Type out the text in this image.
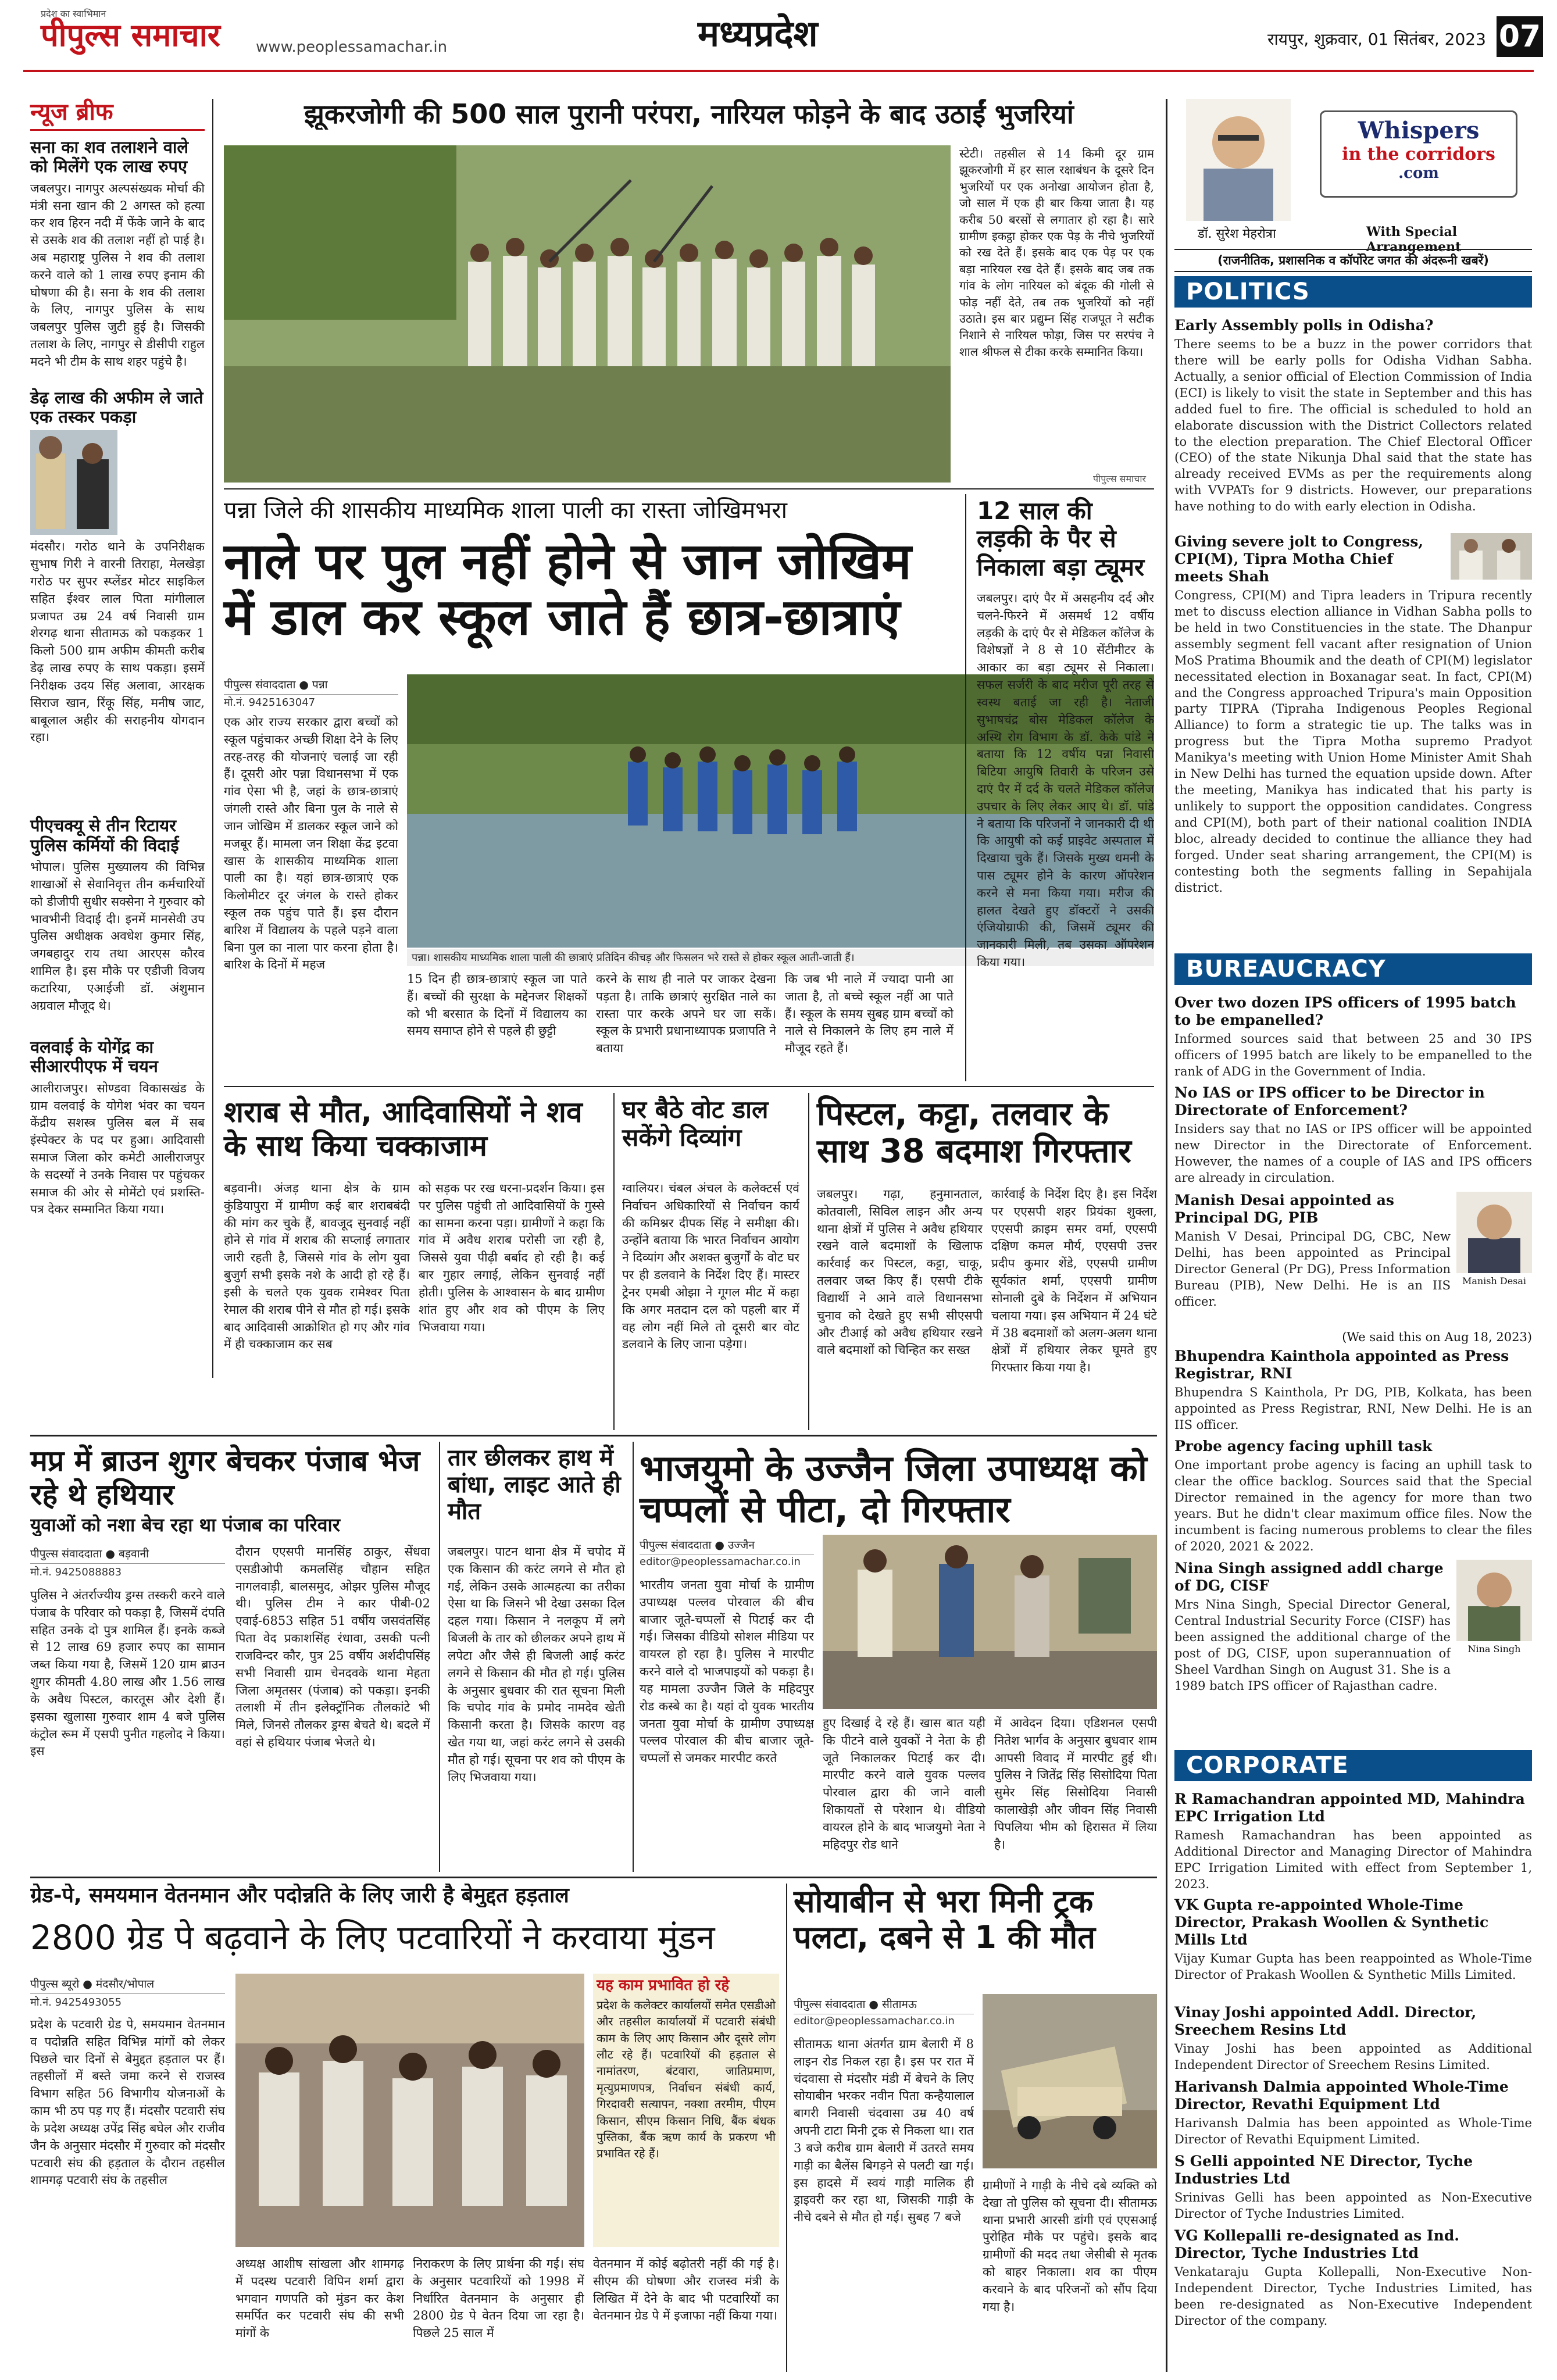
प्रदेश का स्वाभिमान
पीपुल्स समाचार www.peoplessamachar.in	मध्यप्रदेश	रायपुर, शुक्रवार, 01 सितंबर, 2023 07
न्यूज ब्रीफ
सना का शव तलाशने वाले को मिलेंगे एक लाख रुपए
जबलपुर। नागपुर अल्पसंख्यक मोर्चा की मंत्री सना खान की 2 अगस्त को हत्या कर शव हिरन नदी में फेंके जाने के बाद से उसके शव की तलाश नहीं हो पाई है। अब महाराष्ट्र पुलिस ने शव की तलाश करने वाले को 1 लाख रुपए इनाम की घोषणा की है। सना के शव की तलाश के लिए, नागपुर पुलिस के साथ जबलपुर पुलिस जुटी हुई है। जिसकी तलाश के लिए, नागपुर से डीसीपी राहुल मदने भी टीम के साथ शहर पहुंचे है।
डेढ़ लाख की अफीम ले जाते एक तस्कर पकड़ा
मंदसौर। गरोठ थाने के उपनिरीक्षक सुभाष गिरी ने वारनी तिराहा, मेलखेड़ा गरोठ पर सुपर स्प्लेंडर मोटर साइकिल सहित ईश्वर लाल पिता मांगीलाल प्रजापत उम्र 24 वर्ष निवासी ग्राम शेरगढ़ थाना सीतामऊ को पकड़कर 1 किलो 500 ग्राम अफीम कीमती करीब डेढ़ लाख रुपए के साथ पकड़ा। इसमें निरीक्षक उदय सिंह अलावा, आरक्षक सिराज खान, रिंकू सिंह, मनीष जाट, बाबूलाल अहीर की सराहनीय योगदान रहा।
पीएचक्यू से तीन रिटायर पुलिस कर्मियों की विदाई
भोपाल। पुलिस मुख्यालय की विभिन्न शाखाओं से सेवानिवृत्त तीन कर्मचारियों को डीजीपी सुधीर सक्सेना ने गुरुवार को भावभीनी विदाई दी। इनमें मानसेवी उप पुलिस अधीक्षक अवधेश कुमार सिंह, जगबहादुर राय तथा आरएस कौरव शामिल है। इस मौके पर एडीजी विजय कटारिया, एआईजी डॉ. अंशुमान अग्रवाल मौजूद थे।
वलवाई के योगेंद्र का सीआरपीएफ में चयन
आलीराजपुर। सोण्डवा विकासखंड के ग्राम वलवाई के योगेश भंवर का चयन केंद्रीय सशस्त्र पुलिस बल में सब इंस्पेक्टर के पद पर हुआ। आदिवासी समाज जिला कोर कमेटी आलीराजपुर के सदस्यों ने उनके निवास पर पहुंचकर समाज की ओर से मोमेंटो एवं प्रशस्ति-पत्र देकर सम्मानित किया गया।
झूकरजोगी की 500 साल पुरानी परंपरा, नारियल फोड़ने के बाद उठाईं भुजरियां
स्टेटी। तहसील से 14 किमी दूर ग्राम झूकरजोगी में हर साल रक्षाबंधन के दूसरे दिन भुजरियों पर एक अनोखा आयोजन होता है, जो साल में एक ही बार किया जाता है। यह करीब 50 बरसों से लगातार हो रहा है। सारे ग्रामीण इकट्ठा होकर एक पेड़ के नीचे भुजरियों को रख देते हैं। इसके बाद एक पेड़ पर एक बड़ा नारियल रख देते हैं। इसके बाद जब तक गांव के लोग नारियल को बंदूक की गोली से फोड़ नहीं देते, तब तक भुजरियों को नहीं उठाते। इस बार प्रद्युम्न सिंह राजपूत ने सटीक निशाने से नारियल फोड़ा, जिस पर सरपंच ने शाल श्रीफल से टीका करके सम्मानित किया।
पीपुल्स समाचार
पन्ना जिले की शासकीय माध्यमिक शाला पाली का रास्ता जोखिमभरा
नाले पर पुल नहीं होने से जान जोखिम में डाल कर स्कूल जाते हैं छात्र-छात्राएं
पीपुल्स संवाददाता ● पन्ना
मो.नं. 9425163047
एक ओर राज्य सरकार द्वारा बच्चों को स्कूल पहुंचाकर अच्छी शिक्षा देने के लिए तरह-तरह की योजनाएं चलाई जा रही हैं। दूसरी ओर पन्ना विधानसभा में एक गांव ऐसा भी है, जहां के छात्र-छात्राएं जंगली रास्ते और बिना पुल के नाले से जान जोखिम में डालकर स्कूल जाने को मजबूर हैं। मामला जन शिक्षा केंद्र इटवा खास के शासकीय माध्यमिक शाला पाली का है। यहां छात्र-छात्राएं एक किलोमीटर दूर जंगल के रास्ते होकर स्कूल तक पहुंच पाते हैं। इस दौरान बारिश में विद्यालय के पहले पड़ने वाला बिना पुल का नाला पार करना होता है। बारिश के दिनों में महज	पन्ना। शासकीय माध्यमिक शाला पाली की छात्राएं प्रतिदिन कीचड़ और फिसलन भरे रास्ते से होकर स्कूल आती-जाती हैं।
15 दिन ही छात्र-छात्राएं स्कूल जा पाते हैं। बच्चों की सुरक्षा के मद्देनजर शिक्षकों को भी बरसात के दिनों में विद्यालय का समय समाप्त होने से पहले ही छुट्टी
करने के साथ ही नाले पर जाकर देखना पड़ता है। ताकि छात्राएं सुरक्षित नाले का रास्ता पार करके अपने घर जा सकें। स्कूल के प्रभारी प्रधानाध्यापक प्रजापति ने बताया
कि जब भी नाले में ज्यादा पानी आ जाता है, तो बच्चे स्कूल नहीं आ पाते हैं। स्कूल के समय सुबह ग्राम बच्चों को नाले से निकालने के लिए हम नाले में मौजूद रहते हैं।
12 साल की लड़की के पैर से निकाला बड़ा ट्यूमर
जबलपुर। दाएं पैर में असहनीय दर्द और चलने-फिरने में असमर्थ 12 वर्षीय लड़की के दाएं पैर से मेडिकल कॉलेज के विशेषज्ञों ने 8 से 10 सेंटीमीटर के आकार का बड़ा ट्यूमर से निकाला। सफल सर्जरी के बाद मरीज पूरी तरह से स्वस्थ बताई जा रही है। नेताजी सुभाषचंद्र बोस मेडिकल कॉलेज के अस्थि रोग विभाग के डॉ. केके पांडे ने बताया कि 12 वर्षीय पन्ना निवासी बिटिया आयुषि तिवारी के परिजन उसे दाएं पैर में दर्द के चलते मेडिकल कॉलेज उपचार के लिए लेकर आए थे। डॉ. पांडे ने बताया कि परिजनों ने जानकारी दी थी कि आयुषी को कई प्राइवेट अस्पताल में दिखाया चुके हैं। जिसके मुख्य धमनी के पास ट्यूमर होने के कारण ऑपरेशन करने से मना किया गया। मरीज की हालत देखते हुए डॉक्टरों ने उसकी एंजियोग्राफी की, जिसमें ट्यूमर की जानकारी मिली, तब उसका ऑपरेशन किया गया।
शराब से मौत, आदिवासियों ने शव के साथ किया चक्काजाम
बड़वानी। अंजड़ थाना क्षेत्र के ग्राम कुंडियापुरा में ग्रामीण कई बार शराबबंदी की मांग कर चुके हैं, बावजूद सुनवाई नहीं होने से गांव में शराब की सप्लाई लगातार जारी रहती है, जिससे गांव के लोग युवा बुजुर्ग सभी इसके नशे के आदी हो रहे हैं। इसी के चलते एक युवक रामेश्वर पिता रेमाल की शराब पीने से मौत हो गई। इसके बाद आदिवासी आक्रोशित हो गए और गांव में ही चक्काजाम कर सब
को सड़क पर रख धरना-प्रदर्शन किया। इस पर पुलिस पहुंची तो आदिवासियों के गुस्से का सामना करना पड़ा। ग्रामीणों ने कहा कि गांव में अवैध शराब परोसी जा रही है, जिससे युवा पीढ़ी बर्बाद हो रही है। कई बार गुहार लगाई, लेकिन सुनवाई नहीं होती। पुलिस के आश्वासन के बाद ग्रामीण शांत हुए और शव को पीएम के लिए भिजवाया गया।
घर बैठे वोट डाल सकेंगे दिव्यांग
ग्वालियर। चंबल अंचल के कलेक्टर्स एवं निर्वाचन अधिकारियों से निर्वाचन कार्य की कमिश्नर दीपक सिंह ने समीक्षा की। उन्होंने बताया कि भारत निर्वाचन आयोग ने दिव्यांग और अशक्त बुजुर्गों के वोट घर पर ही डलवाने के निर्देश दिए हैं। मास्टर ट्रेनर एमबी ओझा ने गूगल मीट में कहा कि अगर मतदान दल को पहली बार में वह लोग नहीं मिले तो दूसरी बार वोट डलवाने के लिए जाना पड़ेगा।
पिस्टल, कट्टा, तलवार के साथ 38 बदमाश गिरफ्तार
जबलपुर। गढ़ा, हनुमानताल, कोतवाली, सिविल लाइन और अन्य थाना क्षेत्रों में पुलिस ने अवैध हथियार रखने वाले बदमाशों के खिलाफ कार्रवाई कर पिस्टल, कट्टा, चाकू, तलवार जब्त किए हैं। एसपी टीके विद्यार्थी ने आने वाले विधानसभा चुनाव को देखते हुए सभी सीएसपी और टीआई को अवैध हथियार रखने वाले बदमाशों को चिन्हित कर सख्त
कार्रवाई के निर्देश दिए है। इस निर्देश पर एएसपी शहर प्रियंका शुक्ला, एएसपी क्राइम समर वर्मा, एएसपी दक्षिण कमल मौर्य, एएसपी उत्तर प्रदीप कुमार शेंडे, एएसपी ग्रामीण सूर्यकांत शर्मा, एएसपी ग्रामीण सोनाली दुबे के निर्देशन में अभियान चलाया गया। इस अभियान में 24 घंटे में 38 बदमाशों को अलग-अलग थाना क्षेत्रों में हथियार लेकर घूमते हुए गिरफ्तार किया गया है।
मप्र में ब्राउन शुगर बेचकर पंजाब भेज रहे थे हथियार
युवाओं को नशा बेच रहा था पंजाब का परिवार
पीपुल्स संवाददाता ● बड़वानी
मो.नं. 9425088883
पुलिस ने अंतर्राज्यीय ड्रग्स तस्करी करने वाले पंजाब के परिवार को पकड़ा है, जिसमें दंपति सहित उनके दो पुत्र शामिल हैं। इनके कब्जे से 12 लाख 69 हजार रुपए का सामान जब्त किया गया है, जिसमें 120 ग्राम ब्राउन शुगर कीमती 4.80 लाख और 1.56 लाख के अवैध पिस्टल, कारतूस और देशी हैं। इसका खुलासा गुरुवार शाम 4 बजे पुलिस कंट्रोल रूम में एसपी पुनीत गहलोद ने किया। इस
दौरान एएसपी मानसिंह ठाकुर, सेंधवा एसडीओपी कमलसिंह चौहान सहित नागलवाड़ी, बालसमुद, ओझर पुलिस मौजूद थी। पुलिस टीम ने कार पीबी-02 एवाई-6853 सहित 51 वर्षीय जसवंतसिंह पिता वेद प्रकाशसिंह रंधावा, उसकी पत्नी राजविन्दर कौर, पुत्र 25 वर्षीय अर्शदीपसिंह सभी निवासी ग्राम चेनदवके थाना मेहता जिला अमृतसर (पंजाब) को पकड़ा। इनकी तलाशी में तीन इलेक्ट्रॉनिक तौलकांटे भी मिले, जिनसे तौलकर ड्रग्स बेचते थे। बदले में वहां से हथियार पंजाब भेजते थे।
तार छीलकर हाथ में बांधा, लाइट आते ही मौत
जबलपुर। पाटन थाना क्षेत्र में चपोद में एक किसान की करंट लगने से मौत हो गई, लेकिन उसके आत्महत्या का तरीका ऐसा था कि जिसने भी देखा उसका दिल दहल गया। किसान ने नलकूप में लगे बिजली के तार को छीलकर अपने हाथ में लपेटा और जैसे ही बिजली आई करंट लगने से किसान की मौत हो गई। पुलिस के अनुसार बुधवार की रात सूचना मिली कि चपोद गांव के प्रमोद नामदेव खेती किसानी करता है। जिसके कारण वह खेत गया था, जहां करंट लगने से उसकी मौत हो गई। सूचना पर शव को पीएम के लिए भिजवाया गया।
भाजयुमो के उज्जैन जिला उपाध्यक्ष को चप्पलों से पीटा, दो गिरफ्तार
पीपुल्स संवाददाता ● उज्जैन
editor@peoplessamachar.co.in
भारतीय जनता युवा मोर्चा के ग्रामीण उपाध्यक्ष पल्लव पोरवाल की बीच बाजार जूते-चप्पलों से पिटाई कर दी गई। जिसका वीडियो सोशल मीडिया पर वायरल हो रहा है। पुलिस ने मारपीट करने वाले दो भाजपाइयों को पकड़ा है। यह मामला उज्जैन जिले के महिदपुर रोड कस्बे का है। यहां दो युवक भारतीय जनता युवा मोर्चा के ग्रामीण उपाध्यक्ष पल्लव पोरवाल की बीच बाजार जूते-चप्पलों से जमकर मारपीट करते
हुए दिखाई दे रहे हैं। खास बात यही कि पीटने वाले युवकों ने नेता के ही जूते निकालकर पिटाई कर दी। मारपीट करने वाले युवक पल्लव पोरवाल द्वारा की जाने वाली शिकायतों से परेशान थे। वीडियो वायरल होने के बाद भाजयुमो नेता ने महिदपुर रोड थाने
में आवेदन दिया। एडिशनल एसपी नितेश भार्गव के अनुसार बुधवार शाम आपसी विवाद में मारपीट हुई थी। पुलिस ने जितेंद्र सिंह सिसोदिया पिता सुमेर सिंह सिसोदिया निवासी कालाखेड़ी और जीवन सिंह निवासी पिपलिया भीम को हिरासत में लिया है।
ग्रेड-पे, समयमान वेतनमान और पदोन्नति के लिए जारी है बेमुद्दत हड़ताल
2800 ग्रेड पे बढ़वाने के लिए पटवारियों ने करवाया मुंडन
पीपुल्स ब्यूरो ● मंदसौर/भोपाल
मो.नं. 9425493055
प्रदेश के पटवारी ग्रेड पे, समयमान वेतनमान व पदोन्नति सहित विभिन्न मांगों को लेकर पिछले चार दिनों से बेमुद्दत हड़ताल पर हैं। तहसीलों में बस्ते जमा करने से राजस्व विभाग सहित 56 विभागीय योजनाओं के काम भी ठप पड़ गए हैं। मंदसौर पटवारी संघ के प्रदेश अध्यक्ष उपेंद्र सिंह बघेल और राजीव जैन के अनुसार मंदसौर में गुरुवार को मंदसौर पटवारी संघ की हड़ताल के दौरान तहसील शामगढ़ पटवारी संघ के तहसील
यह काम प्रभावित हो रहे
प्रदेश के कलेक्टर कार्यालयों समेत एसडीओ और तहसील कार्यालयों में पटवारी संबंधी काम के लिए आए किसान और दूसरे लोग लौट रहे हैं। पटवारियों की हड़ताल से नामांतरण, बंटवारा, जातिप्रमाण, मृत्युप्रमाणपत्र, निर्वाचन संबंधी कार्य, गिरदावरी सत्यापन, नक्शा तरमीम, पीएम किसान, सीएम किसान निधि, बैंक बंधक पुस्तिका, बैंक ऋण कार्य के प्रकरण भी प्रभावित रहे हैं।
अध्यक्ष आशीष सांखला और शामगढ़ में पदस्थ पटवारी विपिन शर्मा द्वारा भगवान गणपति को मुंडन कर केश समर्पित कर पटवारी संघ की सभी मांगों के
निराकरण के लिए प्रार्थना की गई। संघ के अनुसार पटवारियों को 1998 में निर्धारित वेतनमान के अनुसार ही 2800 ग्रेड पे वेतन दिया जा रहा है। पिछले 25 साल में
वेतनमान में कोई बढ़ोतरी नहीं की गई है। सीएम की घोषणा और राजस्व मंत्री के लिखित में देने के बाद भी पटवारियों का वेतनमान ग्रेड पे में इजाफा नहीं किया गया।
सोयाबीन से भरा मिनी ट्रक पलटा, दबने से 1 की मौत
पीपुल्स संवाददाता ● सीतामऊ
editor@peoplessamachar.co.in
सीतामऊ थाना अंतर्गत ग्राम बेलारी में 8 लाइन रोड निकल रहा है। इस पर रात में चंदवासा से मंदसौर मंडी में बेचने के लिए सोयाबीन भरकर नवीन पिता कन्हैयालाल बागरी निवासी चंदवासा उम्र 40 वर्ष अपनी टाटा मिनी ट्रक से निकला था। रात 3 बजे करीब ग्राम बेलारी में उतरते समय गाड़ी का बैलेंस बिगड़ने से पलटी खा गई। इस हादसे में स्वयं गाड़ी मालिक ही ड्राइवरी कर रहा था, जिसकी गाड़ी के नीचे दबने से मौत हो गई। सुबह 7 बजे
ग्रामीणों ने गाड़ी के नीचे दबे व्यक्ति को देखा तो पुलिस को सूचना दी। सीतामऊ थाना प्रभारी आरसी डांगी एवं एएसआई पुरोहित मौके पर पहुंचे। इसके बाद ग्रामीणों की मदद तथा जेसीबी से मृतक को बाहर निकाला। शव का पीएम करवाने के बाद परिजनों को सौंप दिया गया है।
Whispers
in the corridors
.com
डॉ. सुरेश मेहरोत्रा	With Special Arrangement
(राजनीतिक, प्रशासनिक व कॉर्पोरेट जगत की अंदरूनी खबरें)
POLITICS
Early Assembly polls in Odisha?
There seems to be a buzz in the power corridors that there will be early polls for Odisha Vidhan Sabha. Actually, a senior official of Election Commission of India (ECI) is likely to visit the state in September and this has added fuel to fire. The official is scheduled to hold an elaborate discussion with the District Collectors related to the election preparation. The Chief Electoral Officer (CEO) of the state Nikunja Dhal said that the state has already received EVMs as per the requirements along with VVPATs for 9 districts. However, our preparations have nothing to do with early election in Odisha.
Giving severe jolt to Congress, CPI(M), Tipra Motha Chief meets Shah
Congress, CPI(M) and Tipra leaders in Tripura recently met to discuss election alliance in Vidhan Sabha polls to be held in two Constituencies in the state. The Dhanpur assembly segment fell vacant after resignation of Union MoS Pratima Bhoumik and the death of CPI(M) legislator necessitated election in Boxanagar seat. In fact, CPI(M) and the Congress approached Tripura's main Opposition party TIPRA (Tipraha Indigenous Peoples Regional Alliance) to form a strategic tie up. The talks was in progress but the Tipra Motha supremo Pradyot Manikya's meeting with Union Home Minister Amit Shah in New Delhi has turned the equation upside down. After the meeting, Manikya has indicated that his party is unlikely to support the opposition candidates. Congress and CPI(M), both part of their national coalition INDIA bloc, already decided to continue the alliance they had forged. Under seat sharing arrangement, the CPI(M) is contesting both the segments falling in Sepahijala district.
BUREAUCRACY
Over two dozen IPS officers of 1995 batch to be empanelled?
Informed sources said that between 25 and 30 IPS officers of 1995 batch are likely to be empanelled to the rank of ADG in the Government of India.
No IAS or IPS officer to be Director in Directorate of Enforcement?
Insiders say that no IAS or IPS officer will be appointed new Director in the Directorate of Enforcement. However, the names of a couple of IAS and IPS officers are already in circulation.
Manish Desai appointed as Principal DG, PIB
Manish V Desai, Principal DG, CBC, New Delhi, has been appointed as Principal Director General (Pr DG), Press Information Bureau (PIB), New Delhi. He is an IIS officer.
Manish Desai
(We said this on Aug 18, 2023)
Bhupendra Kainthola appointed as Press Registrar, RNI
Bhupendra S Kainthola, Pr DG, PIB, Kolkata, has been appointed as Press Registrar, RNI, New Delhi. He is an IIS officer.
Probe agency facing uphill task
One important probe agency is facing an uphill task to clear the office backlog. Sources said that the Special Director remained in the agency for more than two years. But he didn't clear maximum office files. Now the incumbent is facing numerous problems to clear the files of 2020, 2021 & 2022.
Nina Singh assigned addl charge of DG, CISF
Mrs Nina Singh, Special Director General, Central Industrial Security Force (CISF) has been assigned the additional charge of the post of DG, CISF, upon superannuation of Sheel Vardhan Singh on August 31. She is a 1989 batch IPS officer of Rajasthan cadre.
Nina Singh
CORPORATE
R Ramachandran appointed MD, Mahindra EPC Irrigation Ltd
Ramesh Ramachandran has been appointed as Additional Director and Managing Director of Mahindra EPC Irrigation Limited with effect from September 1, 2023.
VK Gupta re-appointed Whole-Time Director, Prakash Woollen & Synthetic Mills Ltd
Vijay Kumar Gupta has been reappointed as Whole-Time Director of Prakash Woollen & Synthetic Mills Limited.
Vinay Joshi appointed Addl. Director, Sreechem Resins Ltd
Vinay Joshi has been appointed as Additional Independent Director of Sreechem Resins Limited.
Harivansh Dalmia appointed Whole-Time Director, Revathi Equipment Ltd
Harivansh Dalmia has been appointed as Whole-Time Director of Revathi Equipment Limited.
S Gelli appointed NE Director, Tyche Industries Ltd
Srinivas Gelli has been appointed as Non-Executive Director of Tyche Industries Limited.
VG Kollepalli re-designated as Ind. Director, Tyche Industries Ltd
Venkataraju Gupta Kollepalli, Non-Executive Non-Independent Director, Tyche Industries Limited, has been re-designated as Non-Executive Independent Director of the company.
